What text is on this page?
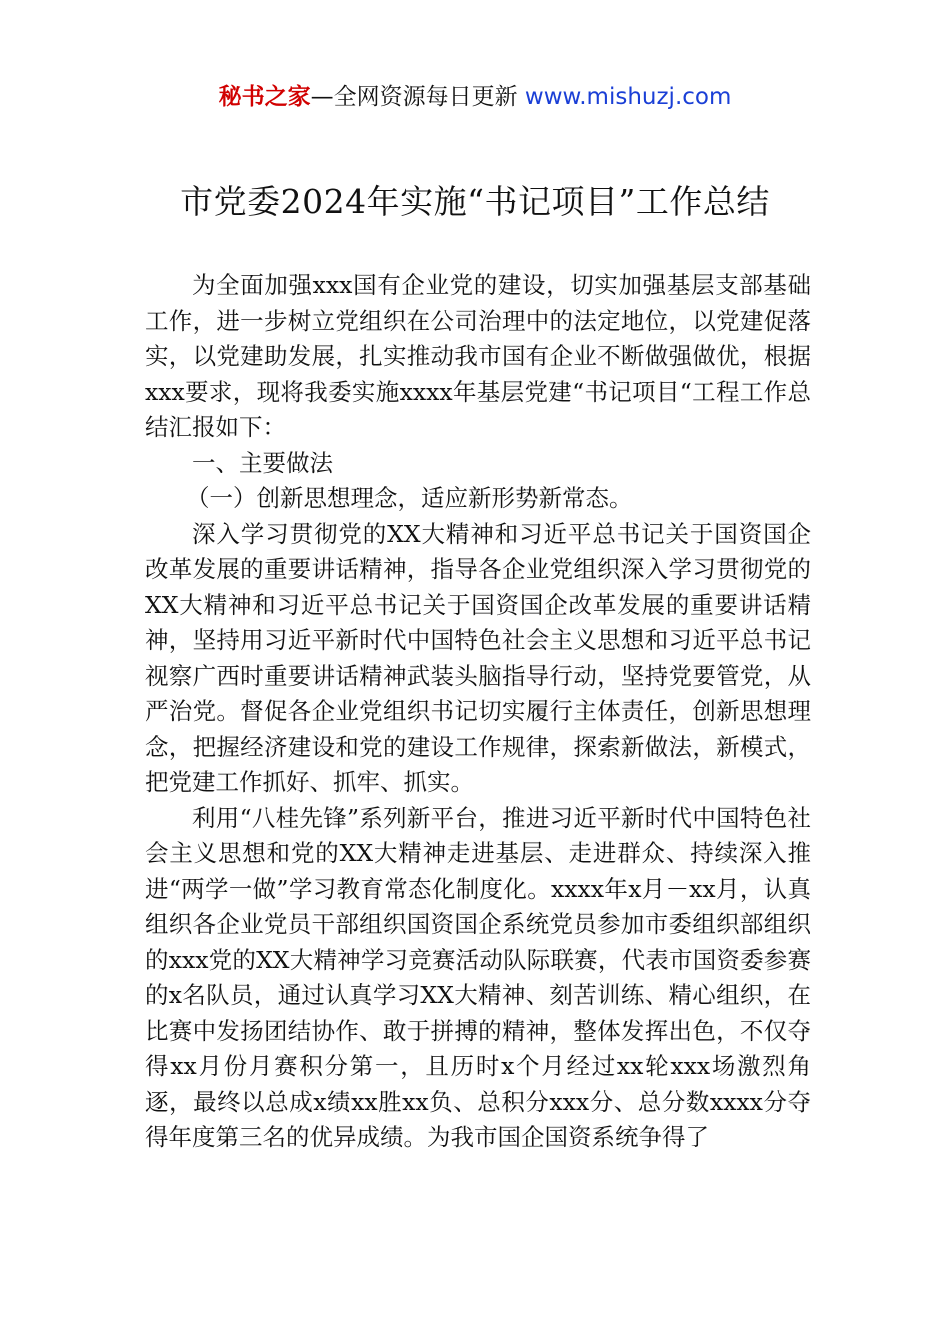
秘书之家—全网资源每日更新 www.mishuzj.com
市党委2024年实施“书记项目”工作总结

为全面加强xxx国有企业党的建设，切实加强基层支部基础工作，进一步树立党组织在公司治理中的法定地位，以党建促落实，以党建助发展，扎实推动我市国有企业不断做强做优，根据xxx要求，现将我委实施xxxx年基层党建“书记项目“工程工作总结汇报如下：

一、主要做法

（一）创新思想理念，适应新形势新常态。

深入学习贯彻党的XX大精神和习近平总书记关于国资国企改革发展的重要讲话精神，指导各企业党组织深入学习贯彻党的XX大精神和习近平总书记关于国资国企改革发展的重要讲话精神，坚持用习近平新时代中国特色社会主义思想和习近平总书记视察广西时重要讲话精神武装头脑指导行动，坚持党要管党，从严治党。督促各企业党组织书记切实履行主体责任，创新思想理念，把握经济建设和党的建设工作规律，探索新做法，新模式，把党建工作抓好、抓牢、抓实。

利用“八桂先锋”系列新平台，推进习近平新时代中国特色社会主义思想和党的XX大精神走进基层、走进群众、持续深入推进“两学一做”学习教育常态化制度化。xxxx年x月－xx月，认真组织各企业党员干部组织国资国企系统党员参加市委组织部组织的xxx党的XX大精神学习竞赛活动队际联赛，代表市国资委参赛的x名队员，通过认真学习XX大精神、刻苦训练、精心组织，在比赛中发扬团结协作、敢于拼搏的精神，整体发挥出色，不仅夺得xx月份月赛积分第一，且历时x个月经过xx轮xxx场激烈角逐，最终以总成x绩xx胜xx负、总积分xxx分、总分数xxxx分夺得年度第三名的优异成绩。为我市国企国资系统争得了
